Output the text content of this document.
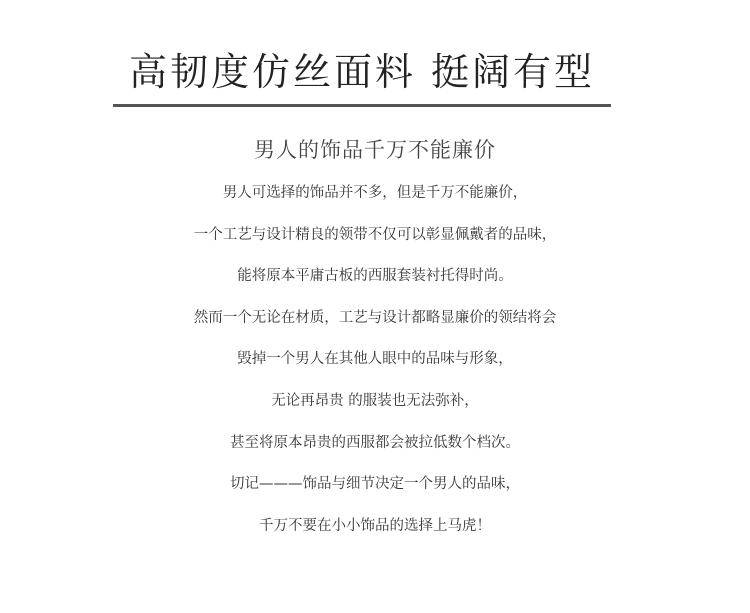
高韧度仿丝面料 挺阔有型
男人的饰品千万不能廉价
男人可选择的饰品并不多，但是千万不能廉价，
一个工艺与设计精良的领带不仅可以彰显佩戴者的品味，
能将原本平庸古板的西服套装衬托得时尚。
然而一个无论在材质，工艺与设计都略显廉价的领结将会
毁掉一个男人在其他人眼中的品味与形象，
无论再昂贵 的服装也无法弥补，
甚至将原本昂贵的西服都会被拉低数个档次。
切记———饰品与细节决定一个男人的品味，
千万不要在小小饰品的选择上马虎！
